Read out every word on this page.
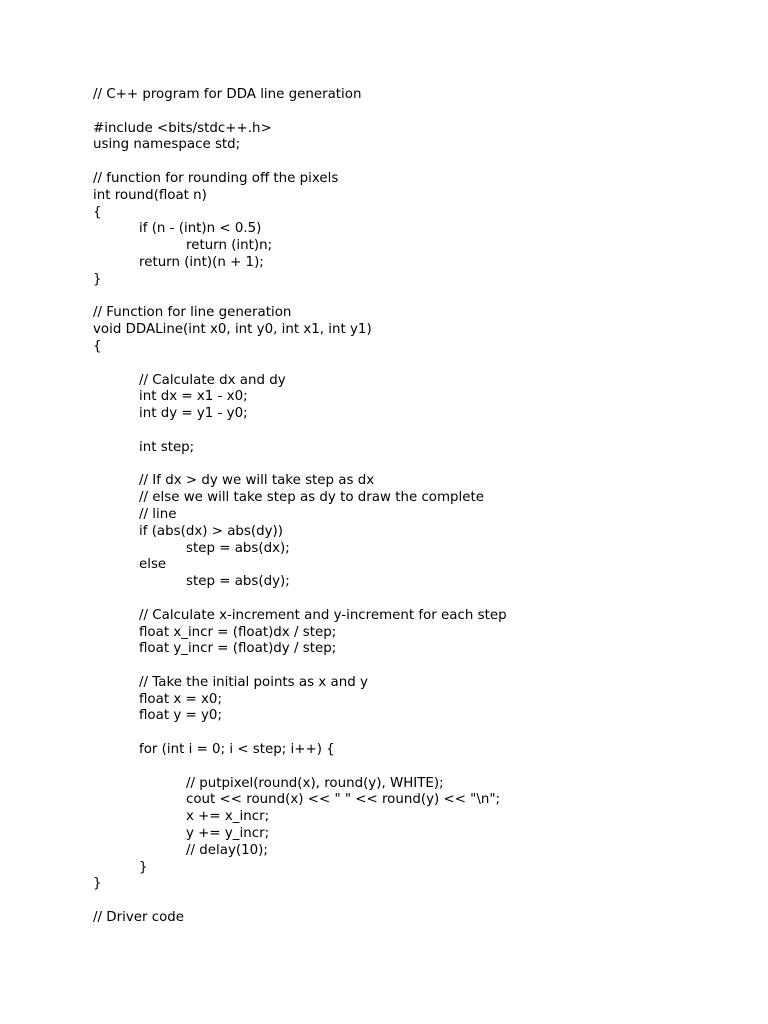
// C++ program for DDA line generation
#include <bits/stdc++.h>
using namespace std;
// function for rounding off the pixels
int round(float n)
{
if (n - (int)n < 0.5)
return (int)n;
return (int)(n + 1);
}
// Function for line generation
void DDALine(int x0, int y0, int x1, int y1)
{
// Calculate dx and dy
int dx = x1 - x0;
int dy = y1 - y0;
int step;
// If dx > dy we will take step as dx
// else we will take step as dy to draw the complete
// line
if (abs(dx) > abs(dy))
step = abs(dx);
else
step = abs(dy);
// Calculate x-increment and y-increment for each step
float x_incr = (float)dx / step;
float y_incr = (float)dy / step;
// Take the initial points as x and y
float x = x0;
float y = y0;
for (int i = 0; i < step; i++) {
// putpixel(round(x), round(y), WHITE);
cout << round(x) << " " << round(y) << "\n";
x += x_incr;
y += y_incr;
// delay(10);
}
}
// Driver code
